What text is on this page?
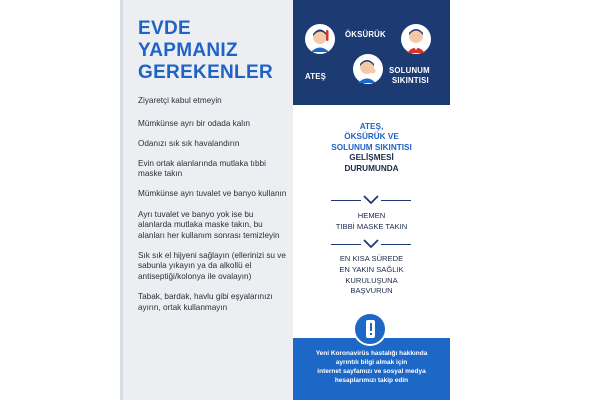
EVDE
YAPMANIZ
GEREKENLER
Ziyaretçi kabul etmeyin
Mümkünse ayrı bir odada kalın
Odanızı sık sık havalandırın
Evin ortak alanlarında mutlaka tıbbi maske takın
Mümkünse ayrı tuvalet ve banyo kullanın
Ayrı tuvalet ve banyo yok ise bu alanlarda mutlaka maske takın, bu alanları her kullanım sonrası temizleyin
Sık sık el hijyeni sağlayın (ellerinizi su ve sabunla yıkayın ya da alkollü el antiseptiği/kolonya ile ovalayın)
Tabak, bardak, havlu gibi eşyalarınızı ayırın, ortak kullanmayın
ATEŞ
ÖKSÜRÜK
SOLUNUM
SIKINTISI
ATEŞ,
ÖKSÜRÜK VE
SOLUNUM SIKINTISI
GELİŞMESİ
DURUMUNDA
HEMEN
TIBBİ MASKE TAKIN
EN KISA SÜREDE
EN YAKIN SAĞLIK
KURULUŞUNA
BAŞVURUN
Yeni Koronavirüs hastalığı hakkında
ayrıntılı bilgi almak için
internet sayfamızı ve sosyal medya
hesaplarımızı takip edin
